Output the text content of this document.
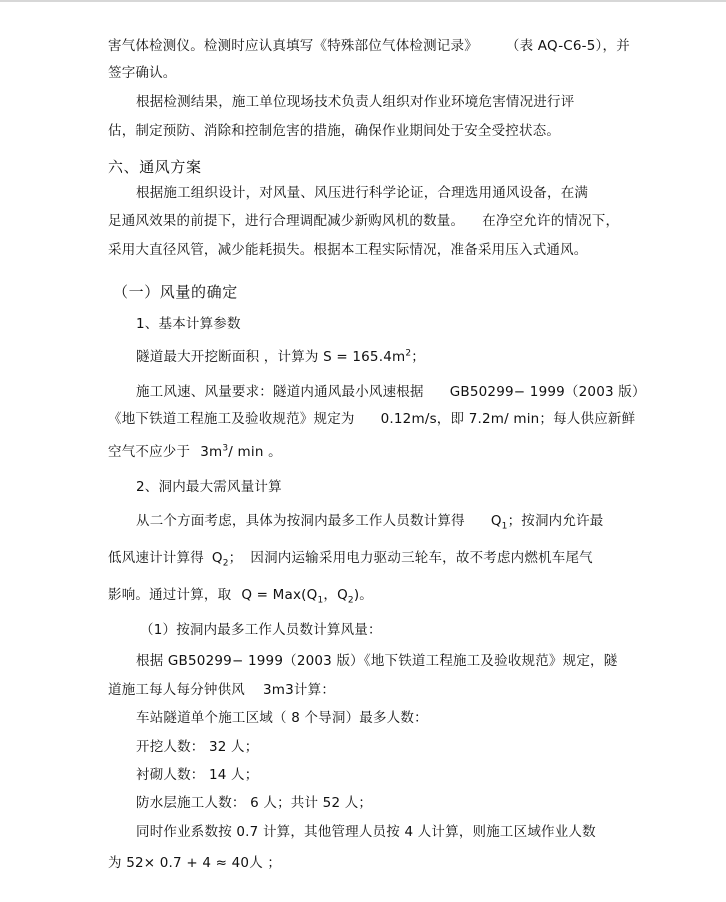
害气体检测仪。检测时应认真填写《特殊部位气体检测记录》 （表 AQ-C6-5），并
签字确认。
根据检测结果，施工单位现场技术负责人组织对作业环境危害情况进行评
估，制定预防、消除和控制危害的措施，确保作业期间处于安全受控状态。
六、通风方案
根据施工组织设计，对风量、风压进行科学论证，合理选用通风设备，在满
足通风效果的前提下，进行合理调配减少新购风机的数量。 在净空允许的情况下，
采用大直径风管，减少能耗损失。根据本工程实际情况，准备采用压入式通风。
（一）风量的确定
1、基本计算参数
隧道最大开挖断面积 ，计算为 $S = 165.4m^2$；
施工风速、风量要求：隧道内通风最小风速根据 GB50299− 1999（2003 版）
《地下铁道工程施工及验收规范》规定为 0.12m/s，即 7.2m/ min；每人供应新鲜
空气不应少于 $3m^3/$ min 。
2、洞内最大需风量计算
从二个方面考虑，具体为按洞内最多工作人员数计算得 $Q_1$；按洞内允许最
低风速计计算得 $Q_2$； 因洞内运输采用电力驱动三轮车，故不考虑内燃机车尾气
影响。通过计算，取 $Q = Max(Q_1$，$Q_2$)。
（1）按洞内最多工作人员数计算风量：
根据 GB50299− 1999（2003 版）《地下铁道工程施工及验收规范》规定，隧
道施工每人每分钟供风 3m3计算：
车站隧道单个施工区域（ 8 个导洞）最多人数：
开挖人数： 32 人；
衬砌人数： 14 人；
防水层施工人数： 6 人；共计 52 人；
同时作业系数按 0.7 计算，其他管理人员按 4 人计算，则施工区域作业人数
为 52× 0.7 + 4 ≈ 40人 ；
